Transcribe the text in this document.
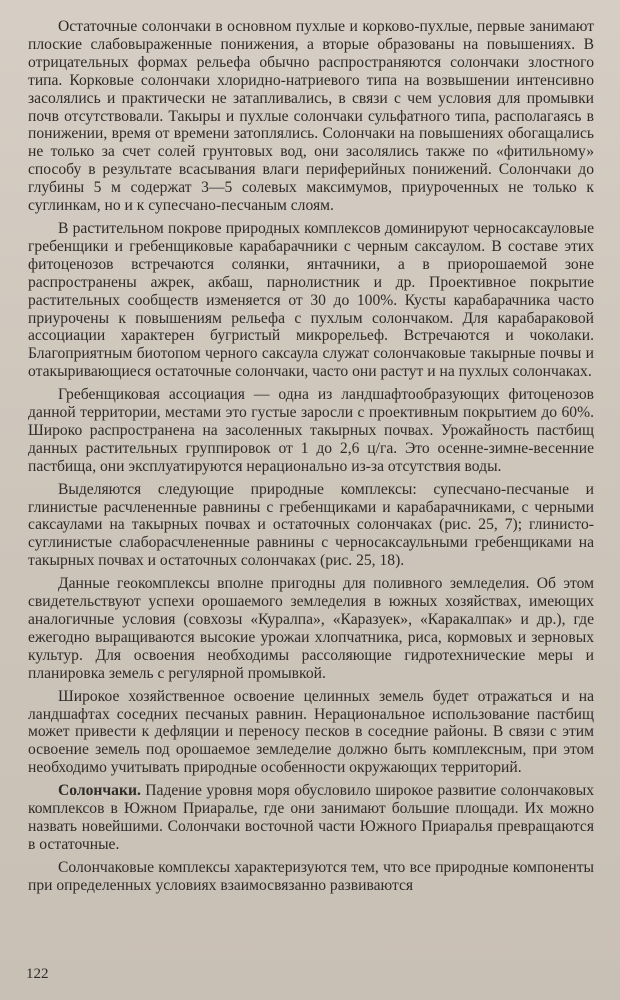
Остаточные солончаки в основном пухлые и корково-пухлые, первые занимают плоские слабовыраженные понижения, а вторые образованы на повышениях. В отрицательных формах рельефа обычно распространяются солончаки злостного типа. Корковые солончаки хлоридно-натриевого типа на возвышении интенсивно засолялись и практически не затапливались, в связи с чем условия для промывки почв отсутствовали. Такыры и пухлые солончаки сульфатного типа, располагаясь в понижении, время от времени затоплялись. Солончаки на повышениях обогащались не только за счет солей грунтовых вод, они засолялись также по «фитильному» способу в результате всасывания влаги периферийных понижений. Солончаки до глубины 5 м содержат 3—5 солевых максимумов, приуроченных не только к суглинкам, но и к супесчано-песчаным слоям.

В растительном покрове природных комплексов доминируют черносаксауловые гребенщики и гребенщиковые карабарачники с черным саксаулом. В составе этих фитоценозов встречаются солянки, янтачники, а в приорошаемой зоне распространены ажрек, акбаш, парнолистник и др. Проективное покрытие растительных сообществ изменяется от 30 до 100%. Кусты карабарачника часто приурочены к повышениям рельефа с пухлым солончаком. Для карабараковой ассоциации характерен бугристый микрорельеф. Встречаются и чоколаки. Благоприятным биотопом черного саксаула служат солончаковые такырные почвы и отакыривающиеся остаточные солончаки, часто они растут и на пухлых солончаках.

Гребенщиковая ассоциация — одна из ландшафтообразующих фитоценозов данной территории, местами это густые заросли с проективным покрытием до 60%. Широко распространена на засоленных такырных почвах. Урожайность пастбищ данных растительных группировок от 1 до 2,6 ц/га. Это осенне-зимне-весенние пастбища, они эксплуатируются нерационально из-за отсутствия воды.

Выделяются следующие природные комплексы: супесчано-песчаные и глинистые расчлененные равнины с гребенщиками и карабарачниками, с черными саксаулами на такырных почвах и остаточных солончаках (рис. 25, 7); глинисто-суглинистые слаборасчлененные равнины с черносаксаульными гребенщиками на такырных почвах и остаточных солончаках (рис. 25, 18).

Данные геокомплексы вполне пригодны для поливного земледелия. Об этом свидетельствуют успехи орошаемого земледелия в южных хозяйствах, имеющих аналогичные условия (совхозы «Куралпа», «Каразуек», «Каракалпак» и др.), где ежегодно выращиваются высокие урожаи хлопчатника, риса, кормовых и зерновых культур. Для освоения необходимы рассоляющие гидротехнические меры и планировка земель с регулярной промывкой.

Широкое хозяйственное освоение целинных земель будет отражаться и на ландшафтах соседних песчаных равнин. Нерациональное использование пастбищ может привести к дефляции и переносу песков в соседние районы. В связи с этим освоение земель под орошаемое земледелие должно быть комплексным, при этом необходимо учитывать природные особенности окружающих территорий.

Солончаки. Падение уровня моря обусловило широкое развитие солончаковых комплексов в Южном Приаралье, где они занимают большие площади. Их можно назвать новейшими. Солончаки восточной части Южного Приаралья превращаются в остаточные.

Солончаковые комплексы характеризуются тем, что все природные компоненты при определенных условиях взаимосвязанно развиваются

122
